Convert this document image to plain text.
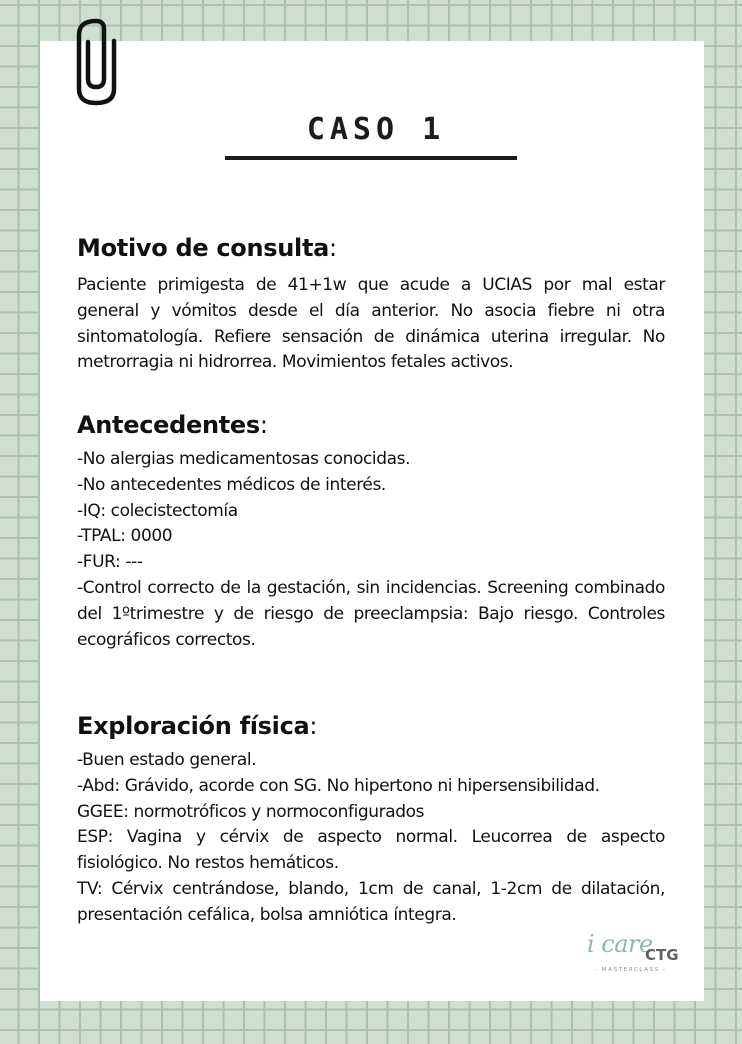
CASO 1
Motivo de consulta:

Paciente primigesta de 41+1w que acude a UCIAS por mal estar general y vómitos desde el día anterior. No asocia fiebre ni otra sintomatología. Refiere sensación de dinámica uterina irregular. No metrorragia ni hidrorrea. Movimientos fetales activos.

Antecedentes:
-No alergias medicamentosas conocidas.
-No antecedentes médicos de interés.
-IQ: colecistectomía
-TPAL: 0000
-FUR: ---
-Control correcto de la gestación, sin incidencias. Screening combinado del 1ºtrimestre y de riesgo de preeclampsia: Bajo riesgo. Controles ecográficos correctos.
Exploración física:
-Buen estado general.
-Abd: Grávido, acorde con SG. No hipertono ni hipersensibilidad.
GGEE: normotróficos y normoconfigurados
ESP: Vagina y cérvix de aspecto normal. Leucorrea de aspecto fisiológico. No restos hemáticos.
TV: Cérvix centrándose, blando, 1cm de canal, 1-2cm de dilatación, presentación cefálica, bolsa amniótica íntegra.
i care
CTG
- MASTERCLASS -
